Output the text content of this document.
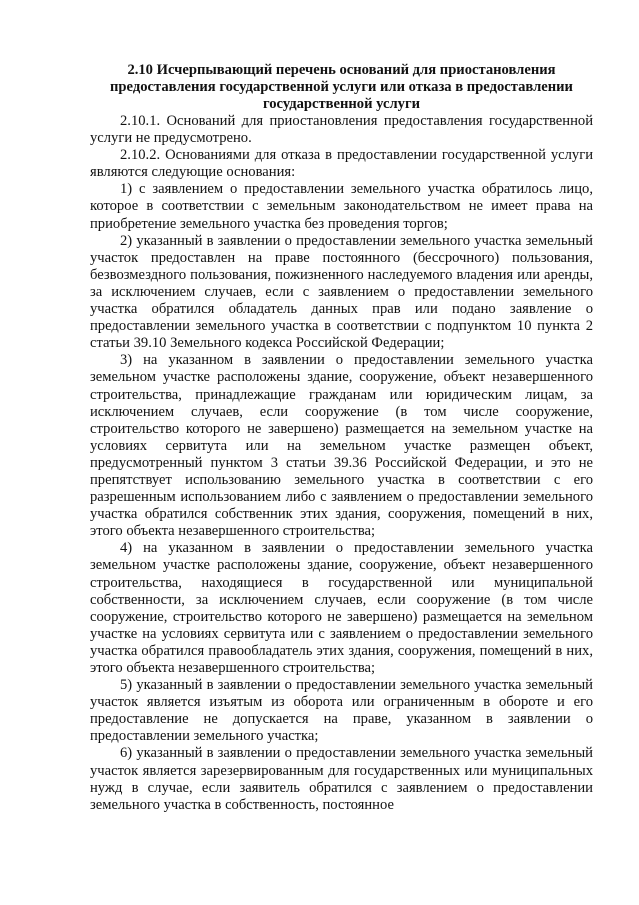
2.10 Исчерпывающий перечень оснований для приостановления предоставления государственной услуги или отказа в предоставлении государственной услуги

2.10.1. Оснований для приостановления предоставления государственной услуги не предусмотрено.

2.10.2. Основаниями для отказа в предоставлении государственной услуги являются следующие основания:

1) с заявлением о предоставлении земельного участка обратилось лицо, которое в соответствии с земельным законодательством не имеет права на приобретение земельного участка без проведения торгов;

2) указанный в заявлении о предоставлении земельного участка земельный участок предоставлен на праве постоянного (бессрочного) пользования, безвозмездного пользования, пожизненного наследуемого владения или аренды, за исключением случаев, если с заявлением о предоставлении земельного участка обратился обладатель данных прав или подано заявление о предоставлении земельного участка в соответствии с подпунктом 10 пункта 2 статьи 39.10 Земельного кодекса Российской Федерации;

3) на указанном в заявлении о предоставлении земельного участка земельном участке расположены здание, сооружение, объект незавершенного строительства, принадлежащие гражданам или юридическим лицам, за исключением случаев, если сооружение (в том числе сооружение, строительство которого не завершено) размещается на земельном участке на условиях сервитута или на земельном участке размещен объект, предусмотренный пунктом 3 статьи 39.36 Российской Федерации, и это не препятствует использованию земельного участка в соответствии с его разрешенным использованием либо с заявлением о предоставлении земельного участка обратился собственник этих здания, сооружения, помещений в них, этого объекта незавершенного строительства;

4) на указанном в заявлении о предоставлении земельного участка земельном участке расположены здание, сооружение, объект незавершенного строительства, находящиеся в государственной или муниципальной собственности, за исключением случаев, если сооружение (в том числе сооружение, строительство которого не завершено) размещается на земельном участке на условиях сервитута или с заявлением о предоставлении земельного участка обратился правообладатель этих здания, сооружения, помещений в них, этого объекта незавершенного строительства;

5) указанный в заявлении о предоставлении земельного участка земельный участок является изъятым из оборота или ограниченным в обороте и его предоставление не допускается на праве, указанном в заявлении о предоставлении земельного участка;

6) указанный в заявлении о предоставлении земельного участка земельный участок является зарезервированным для государственных или муниципальных нужд в случае, если заявитель обратился с заявлением о предоставлении земельного участка в собственность, постоянное
